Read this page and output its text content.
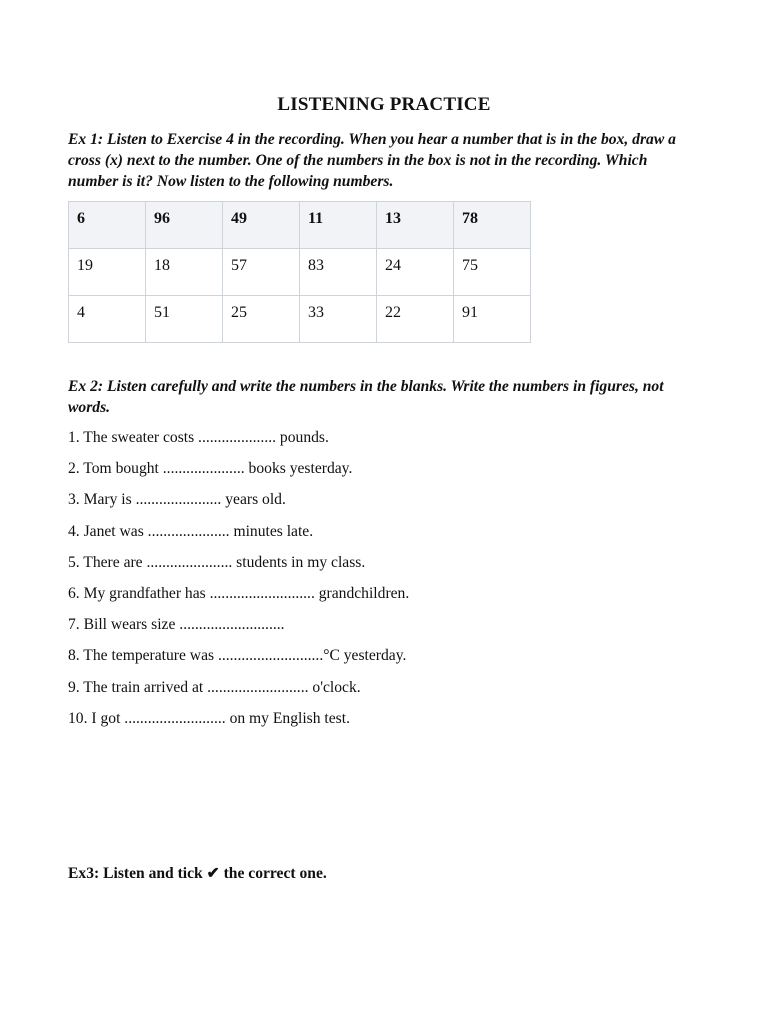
LISTENING PRACTICE
Ex 1: Listen to Exercise 4 in the recording. When you hear a number that is in the box, draw a cross (x) next to the number. One of the numbers in the box is not in the recording. Which number is it? Now listen to the following numbers.
6	96	49	11	13	78
19	18	57	83	24	75
4	51	25	33	22	91
Ex 2: Listen carefully and write the numbers in the blanks. Write the numbers in figures, not words.
1. The sweater costs .................... pounds.
2. Tom bought ..................... books yesterday.
3. Mary is ...................... years old.
4. Janet was ..................... minutes late.
5. There are ...................... students in my class.
6. My grandfather has ........................... grandchildren.
7. Bill wears size ...........................
8. The temperature was ...........................°C yesterday.
9. The train arrived at .......................... o'clock.
10. I got .......................... on my English test.
Ex3: Listen and tick ✔ the correct one.
